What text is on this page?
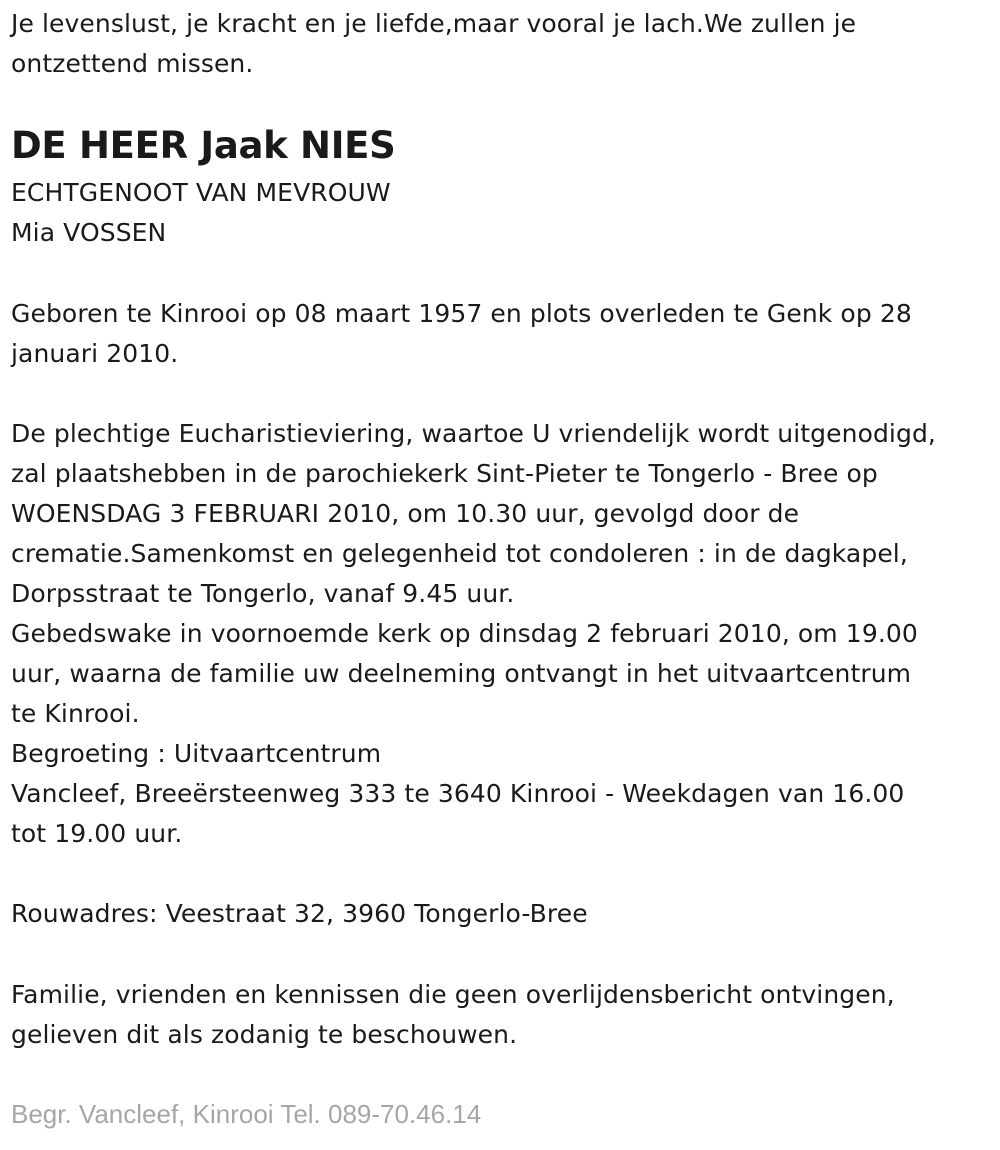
Je levenslust, je kracht en je liefde,maar vooral je lach.We zullen je
ontzettend missen.

DE HEER Jaak NIES

ECHTGENOOT VAN MEVROUW
Mia VOSSEN

Geboren te Kinrooi op 08 maart 1957 en plots overleden te Genk op 28
januari 2010.

De plechtige Eucharistieviering, waartoe U vriendelijk wordt uitgenodigd,
zal plaatshebben in de parochiekerk Sint-Pieter te Tongerlo - Bree op
WOENSDAG 3 FEBRUARI 2010, om 10.30 uur, gevolgd door de
crematie.Samenkomst en gelegenheid tot condoleren : in de dagkapel,
Dorpsstraat te Tongerlo, vanaf 9.45 uur.
Gebedswake in voornoemde kerk op dinsdag 2 februari 2010, om 19.00
uur, waarna de familie uw deelneming ontvangt in het uitvaartcentrum
te Kinrooi.
Begroeting : Uitvaartcentrum
Vancleef, Breeërsteenweg 333 te 3640 Kinrooi - Weekdagen van 16.00
tot 19.00 uur.

Rouwadres: Veestraat 32, 3960 Tongerlo-Bree

Familie, vrienden en kennissen die geen overlijdensbericht ontvingen,
gelieven dit als zodanig te beschouwen.

Begr. Vancleef, Kinrooi Tel. 089-70.46.14
